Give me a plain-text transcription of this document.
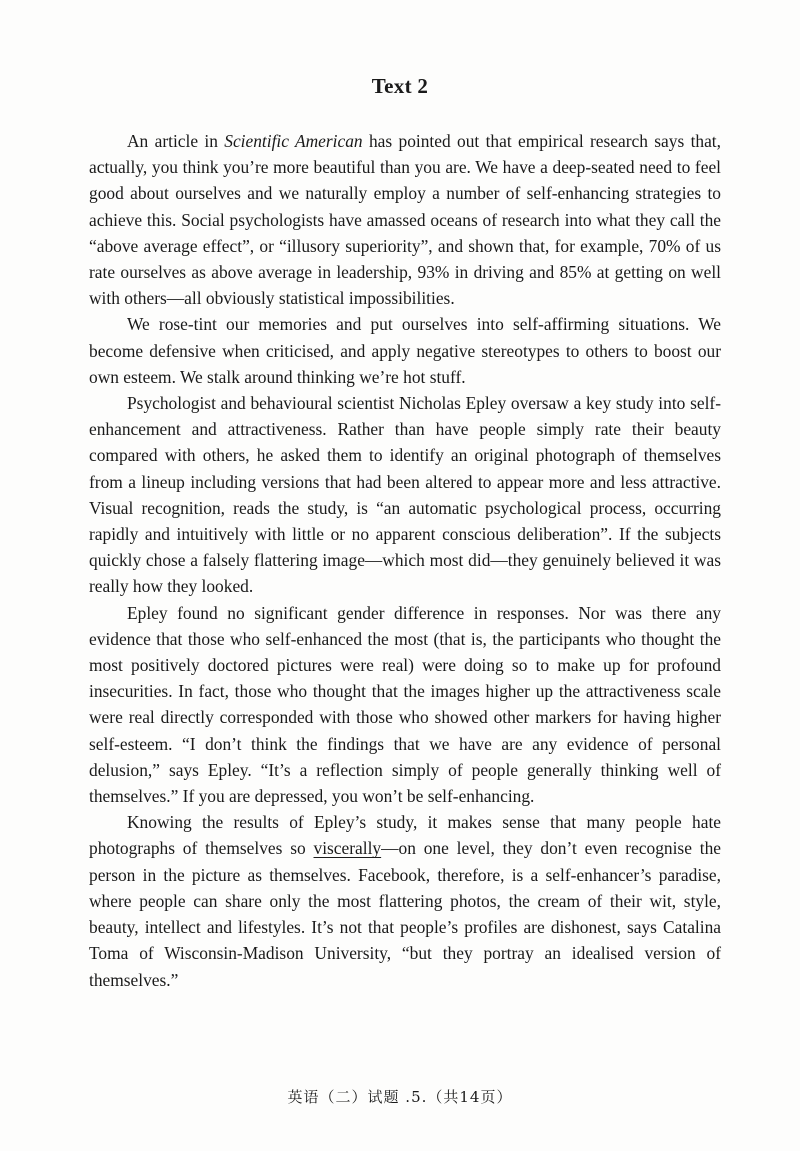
Text 2

An article in Scientific American has pointed out that empirical research says that, actually, you think you’re more beautiful than you are. We have a deep-seated need to feel good about ourselves and we naturally employ a number of self-enhancing strategies to achieve this. Social psychologists have amassed oceans of research into what they call the “above average effect”, or “illusory superiority”, and shown that, for example, 70% of us rate ourselves as above average in leadership, 93% in driving and 85% at getting on well with others—all obviously statistical impossibilities.

We rose-tint our memories and put ourselves into self-affirming situations. We become defensive when criticised, and apply negative stereotypes to others to boost our own esteem. We stalk around thinking we’re hot stuff.

Psychologist and behavioural scientist Nicholas Epley oversaw a key study into self-enhancement and attractiveness. Rather than have people simply rate their beauty compared with others, he asked them to identify an original photograph of themselves from a lineup including versions that had been altered to appear more and less attractive. Visual recognition, reads the study, is “an automatic psychological process, occurring rapidly and intuitively with little or no apparent conscious deliberation”. If the subjects quickly chose a falsely flattering image—which most did—they genuinely believed it was really how they looked.

Epley found no significant gender difference in responses. Nor was there any evidence that those who self-enhanced the most (that is, the participants who thought the most positively doctored pictures were real) were doing so to make up for profound insecurities. In fact, those who thought that the images higher up the attractiveness scale were real directly corresponded with those who showed other markers for having higher self-esteem. “I don’t think the findings that we have are any evidence of personal delusion,” says Epley. “It’s a reflection simply of people generally thinking well of themselves.” If you are depressed, you won’t be self-enhancing.

Knowing the results of Epley’s study, it makes sense that many people hate photographs of themselves so viscerally—on one level, they don’t even recognise the person in the picture as themselves. Facebook, therefore, is a self-enhancer’s paradise, where people can share only the most flattering photos, the cream of their wit, style, beauty, intellect and lifestyles. It’s not that people’s profiles are dishonest, says Catalina Toma of Wisconsin-Madison University, “but they portray an idealised version of themselves.”

英语（二）试题 .5.（共14页）
